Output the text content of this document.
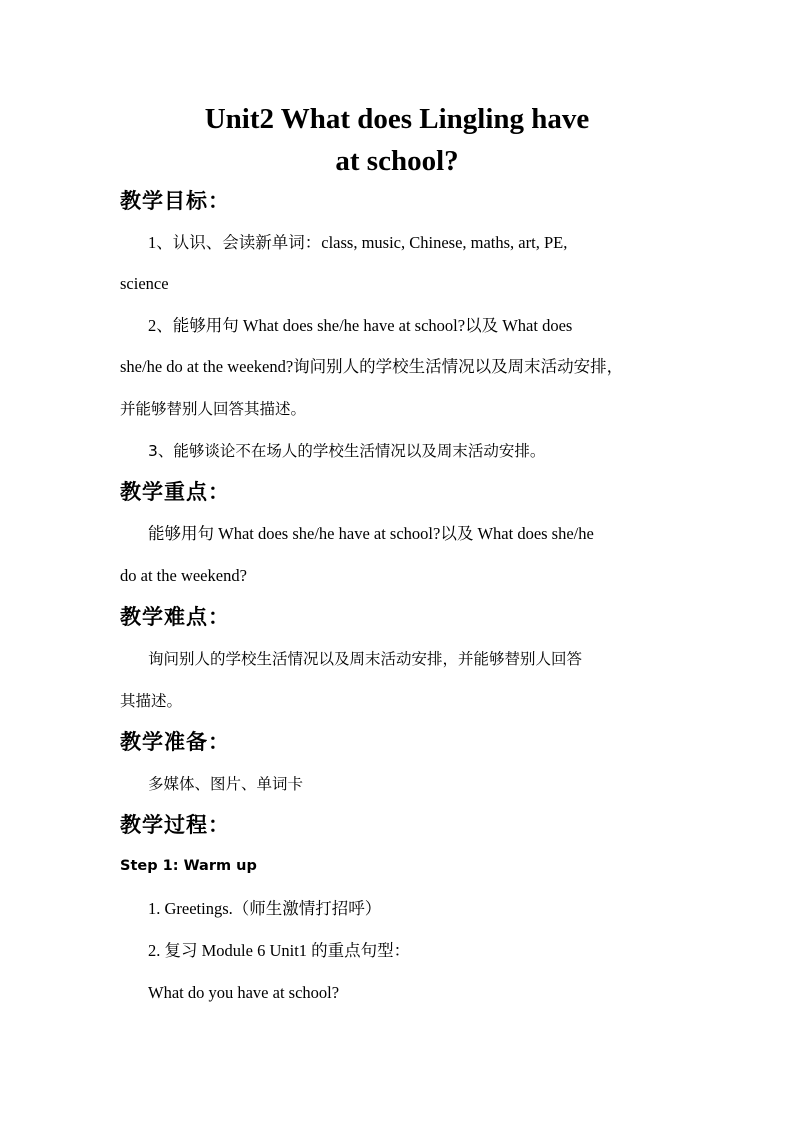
Unit2 What does Lingling have
at school?
教学目标：

1、认识、会读新单词：class, music, Chinese, maths, art, PE,

science

2、能够用句 What does she/he have at school?以及 What does

she/he do at the weekend?询问别人的学校生活情况以及周末活动安排，

并能够替别人回答其描述。

3、能够谈论不在场人的学校生活情况以及周末活动安排。

教学重点：

能够用句 What does she/he have at school?以及 What does she/he

do at the weekend?

教学难点：

询问别人的学校生活情况以及周末活动安排，并能够替别人回答

其描述。

教学准备：

多媒体、图片、单词卡

教学过程：

Step 1: Warm up

1. Greetings.（师生激情打招呼）

2. 复习 Module 6 Unit1 的重点句型：

What do you have at school?
